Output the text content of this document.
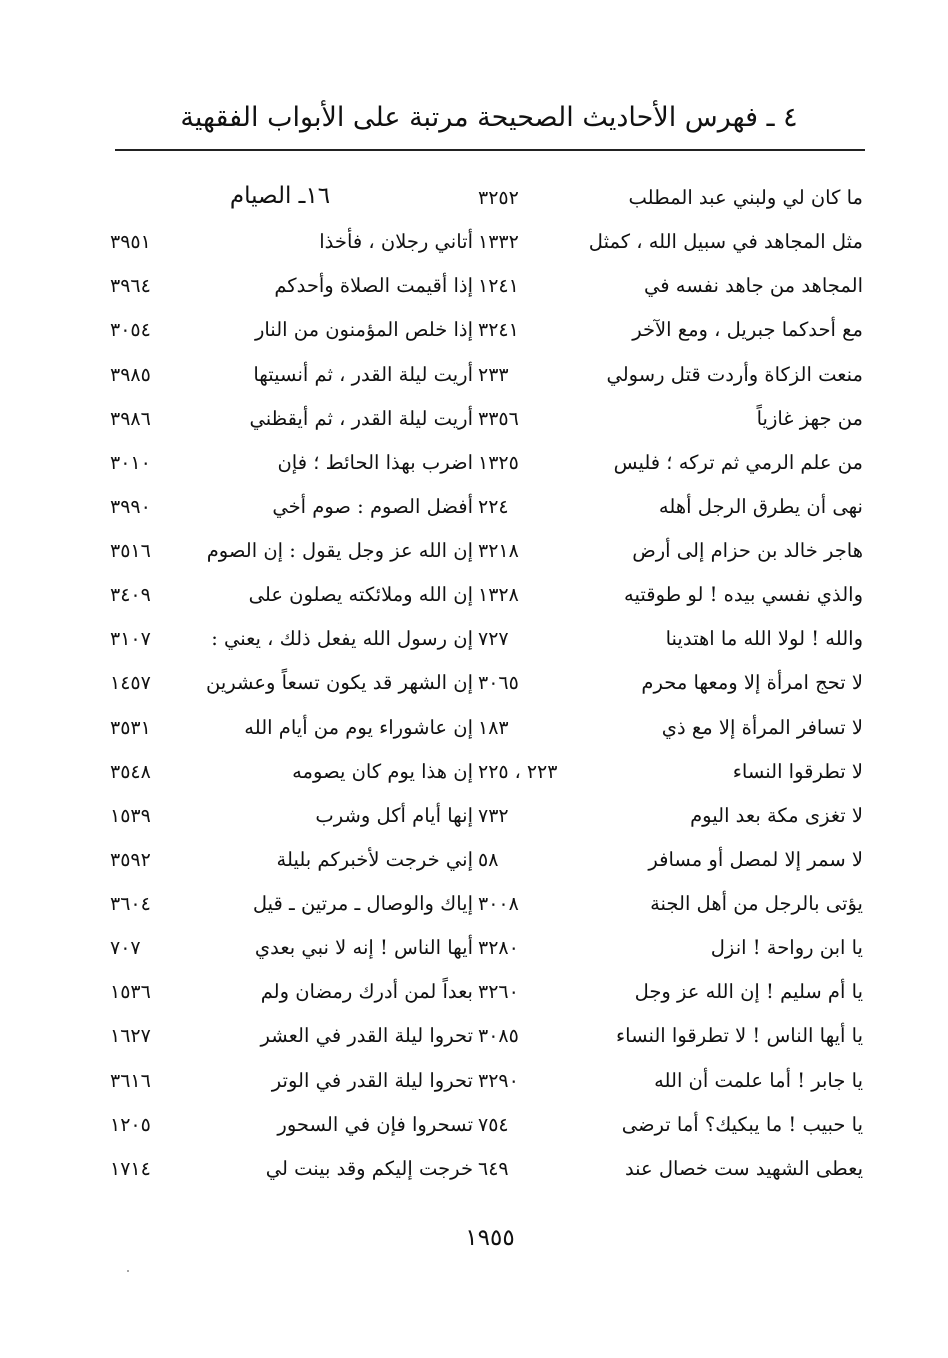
٤ ـ فهرس الأحاديث الصحيحة مرتبة على الأبواب الفقهية
١٦ـ الصيام	ما كان لي ولبني عبد المطلب
٣٢٥٢
مثل المجاهد في سبيل الله ، كمثل
١٣٣٢
أتاني رجلان ، فأخذا
٣٩٥١
المجاهد من جاهد نفسه في
١٢٤١
إذا أقيمت الصلاة وأحدكم
٣٩٦٤
مع أحدكما جبريل ، ومع الآخر
٣٢٤١
إذا خلص المؤمنون من النار
٣٠٥٤
منعت الزكاة وأردت قتل رسولي
٢٣٣
أريت ليلة القدر ، ثم أنسيتها
٣٩٨٥
من جهز غازياً
٣٣٥٦
أريت ليلة القدر ، ثم أيقظني
٣٩٨٦
من علم الرمي ثم تركه ؛ فليس
١٣٢٥
اضرب بهذا الحائط ؛ فإن
٣٠١٠
نهى أن يطرق الرجل أهله
٢٢٤
أفضل الصوم : صوم أخي
٣٩٩٠
هاجر خالد بن حزام إلى أرض
٣٢١٨
إن الله عز وجل يقول : إن الصوم
٣٥١٦
والذي نفسي بيده ! لو طوقتيه
١٣٢٨
إن الله وملائكته يصلون على
٣٤٠٩
والله ! لولا الله ما اهتدينا
٧٢٧
إن رسول الله يفعل ذلك ، يعني :
٣١٠٧
لا تحج امرأة إلا ومعها محرم
٣٠٦٥
إن الشهر قد يكون تسعاً وعشرين
١٤٥٧
لا تسافر المرأة إلا مع ذي
١٨٣
إن عاشوراء يوم من أيام الله
٣٥٣١
لا تطرقوا النساء
٢٢٣ ، ٢٢٥
إن هذا يوم كان يصومه
٣٥٤٨
لا تغزى مكة بعد اليوم
٧٣٢
إنها أيام أكل وشرب
١٥٣٩
لا سمر إلا لمصل أو مسافر
٥٨
إني خرجت لأخبركم بليلة
٣٥٩٢
يؤتى بالرجل من أهل الجنة
٣٠٠٨
إياك والوصال ـ مرتين ـ قيل
٣٦٠٤
يا ابن رواحة ! انزل
٣٢٨٠
أيها الناس ! إنه لا نبي بعدي
٧٠٧
يا أم سليم ! إن الله عز وجل
٣٢٦٠
بعداً لمن أدرك رمضان ولم
١٥٣٦
يا أيها الناس ! لا تطرقوا النساء
٣٠٨٥
تحروا ليلة القدر في العشر
١٦٢٧
يا جابر ! أما علمت أن الله
٣٢٩٠
تحروا ليلة القدر في الوتر
٣٦١٦
يا حبيب ! ما يبكيك؟ أما ترضى
٧٥٤
تسحروا فإن في السحور
١٢٠٥
يعطى الشهيد ست خصال عند
٦٤٩
خرجت إليكم وقد بينت لي
١٧١٤
١٩٥٥
